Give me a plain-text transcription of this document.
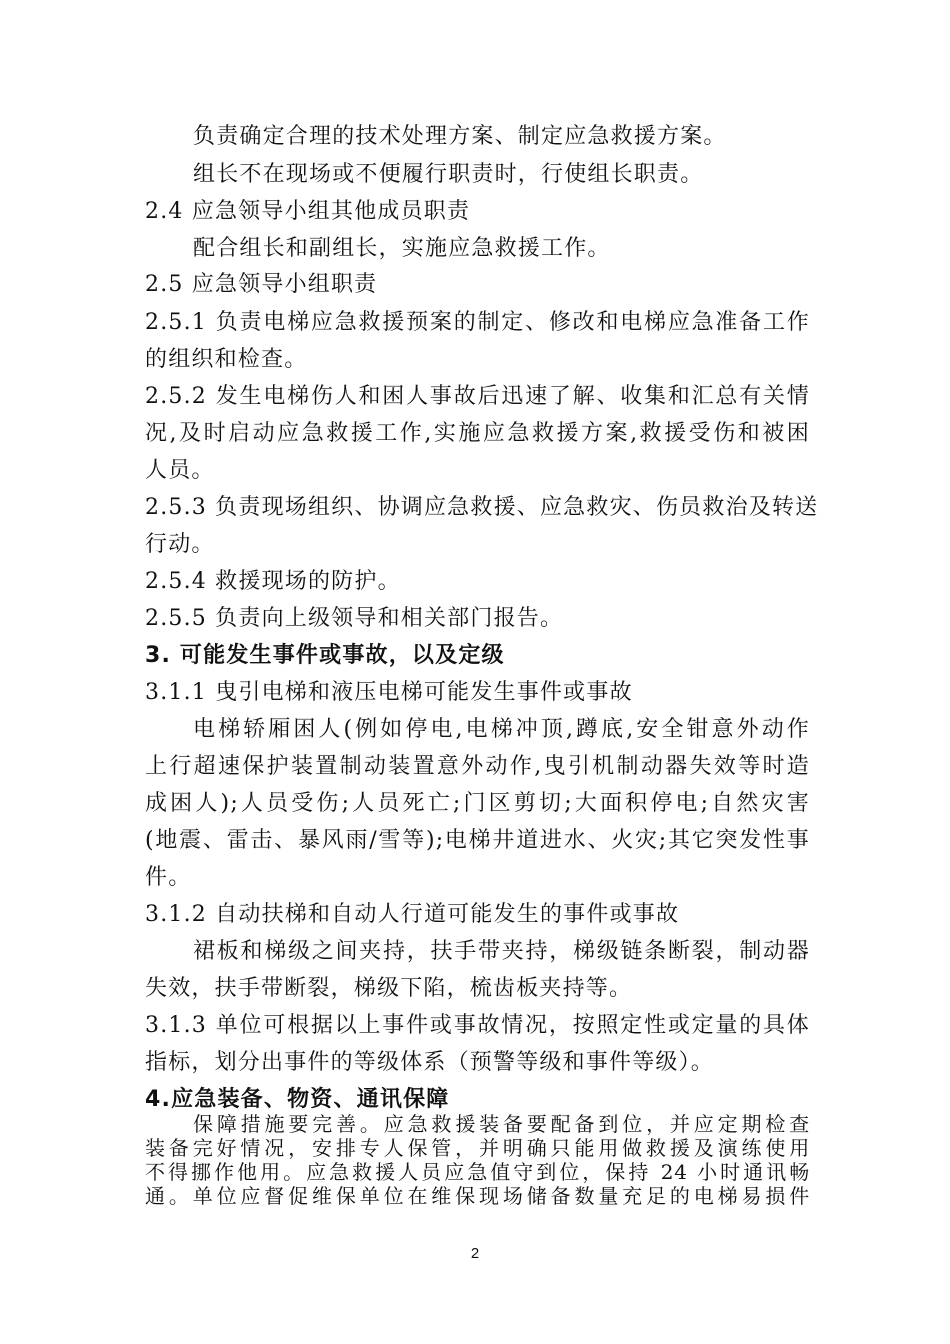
负责确定合理的技术处理方案、制定应急救援方案。
组长不在现场或不便履行职责时，行使组长职责。
2.4 应急领导小组其他成员职责
配合组长和副组长，实施应急救援工作。
2.5 应急领导小组职责
2.5.1 负责电梯应急救援预案的制定、修改和电梯应急准备工作
的组织和检查。
2.5.2 发生电梯伤人和困人事故后迅速了解、收集和汇总有关情
况,及时启动应急救援工作,实施应急救援方案,救援受伤和被困
人员。
2.5.3 负责现场组织、协调应急救援、应急救灾、伤员救治及转送
行动。
2.5.4 救援现场的防护。
2.5.5 负责向上级领导和相关部门报告。
3. 可能发生事件或事故，以及定级
3.1.1 曳引电梯和液压电梯可能发生事件或事故
电梯轿厢困人(例如停电,电梯冲顶,蹲底,安全钳意外动作
上行超速保护装置制动装置意外动作,曳引机制动器失效等时造
成困人);人员受伤;人员死亡;门区剪切;大面积停电;自然灾害
(地震、雷击、暴风雨/雪等);电梯井道进水、火灾;其它突发性事
件。
3.1.2 自动扶梯和自动人行道可能发生的事件或事故
裙板和梯级之间夹持，扶手带夹持，梯级链条断裂，制动器
失效，扶手带断裂，梯级下陷，梳齿板夹持等。
3.1.3 单位可根据以上事件或事故情况，按照定性或定量的具体
指标，划分出事件的等级体系（预警等级和事件等级）。
4.应急装备、物资、通讯保障
保障措施要完善。应急救援装备要配备到位，并应定期检查
装备完好情况，安排专人保管，并明确只能用做救援及演练使用
不得挪作他用。应急救援人员应急值守到位，保持 24 小时通讯畅
通。单位应督促维保单位在维保现场储备数量充足的电梯易损件
2
